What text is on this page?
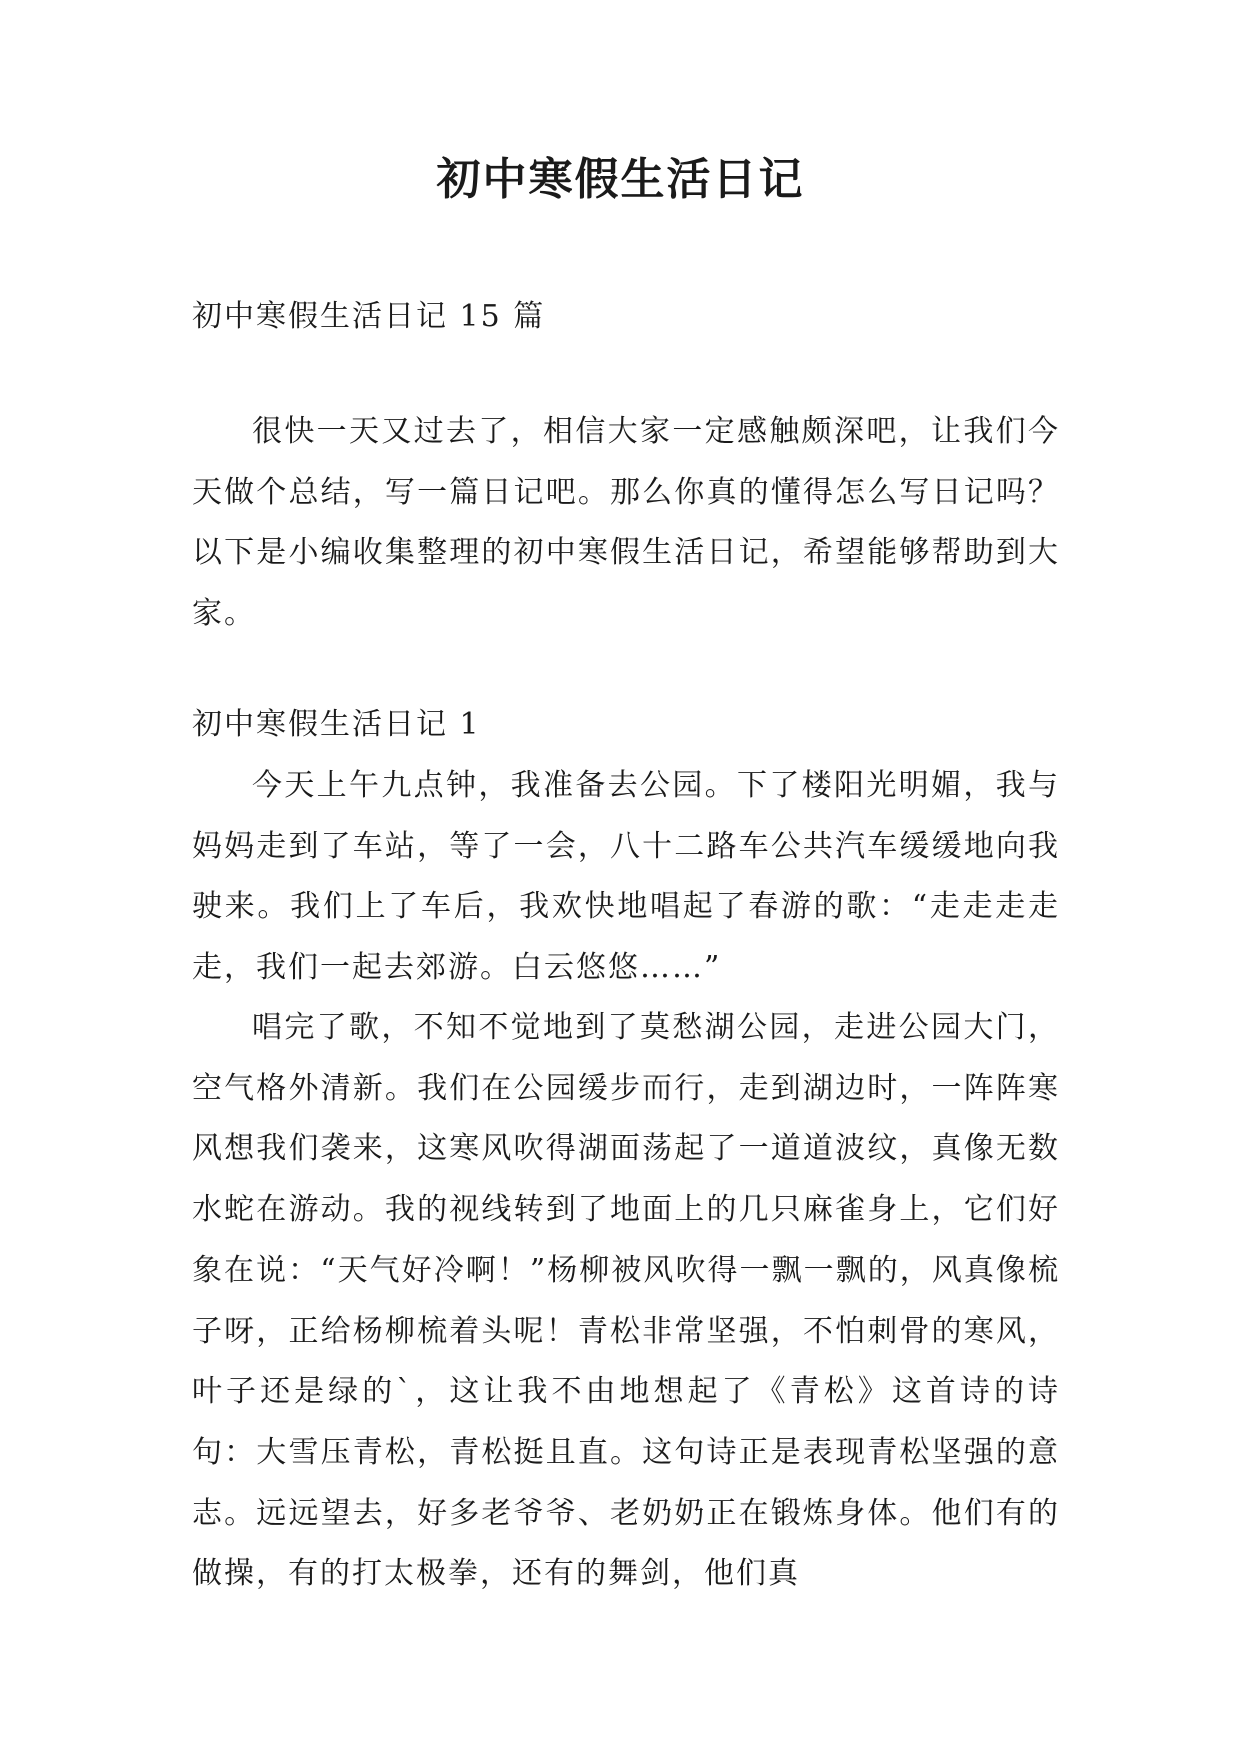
初中寒假生活日记

初中寒假生活日记 15 篇

很快一天又过去了，相信大家一定感触颇深吧，让我们今天做个总结，写一篇日记吧。那么你真的懂得怎么写日记吗？以下是小编收集整理的初中寒假生活日记，希望能够帮助到大家。

初中寒假生活日记 1

今天上午九点钟，我准备去公园。下了楼阳光明媚，我与妈妈走到了车站，等了一会，八十二路车公共汽车缓缓地向我驶来。我们上了车后，我欢快地唱起了春游的歌：“走走走走走，我们一起去郊游。白云悠悠……”

唱完了歌，不知不觉地到了莫愁湖公园，走进公园大门，空气格外清新。我们在公园缓步而行，走到湖边时，一阵阵寒风想我们袭来，这寒风吹得湖面荡起了一道道波纹，真像无数水蛇在游动。我的视线转到了地面上的几只麻雀身上，它们好象在说：“天气好冷啊！”杨柳被风吹得一飘一飘的，风真像梳子呀，正给杨柳梳着头呢！青松非常坚强，不怕刺骨的寒风，叶子还是绿的`，这让我不由地想起了《青松》这首诗的诗句：大雪压青松，青松挺且直。这句诗正是表现青松坚强的意志。远远望去，好多老爷爷、老奶奶正在锻炼身体。他们有的做操，有的打太极拳，还有的舞剑，他们真
